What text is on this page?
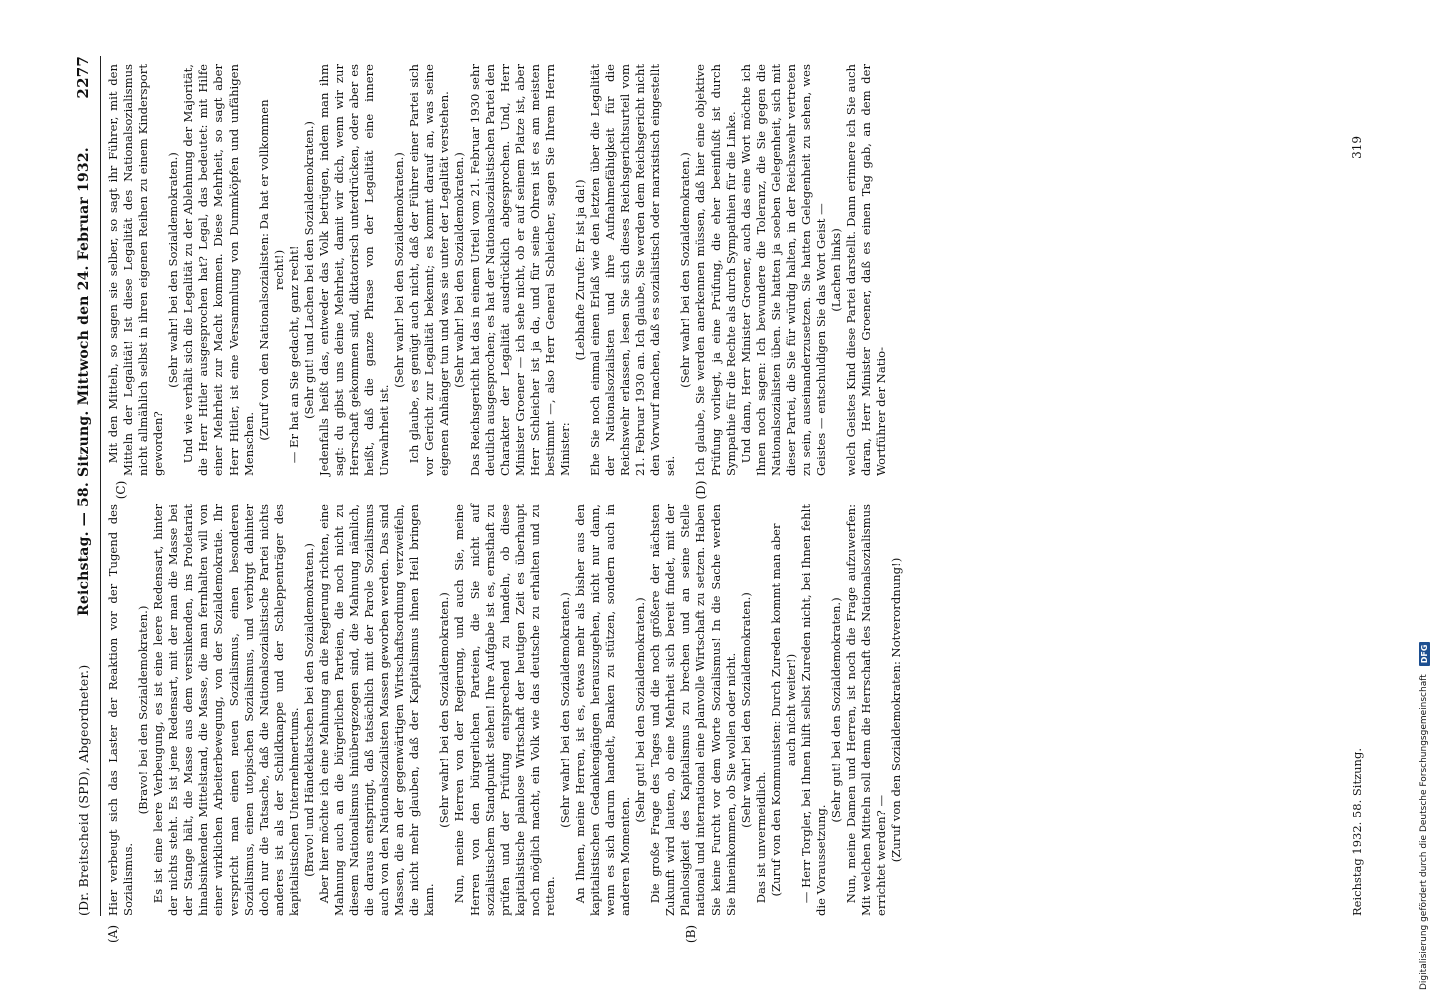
(Dr. Breitscheid (SPD), Abgeordneter.)
Reichstag. — 58. Sitzung. Mittwoch den 24. Februar 1932.
2277
(A)	(B)
(C)	(D)

Hier verbeugt sich das Laster der Reaktion vor der Tugend des Sozialismus.

(Bravo! bei den Sozialdemokraten.) Es ist eine leere Verbeugung, es ist eine leere Redensart, hinter der nichts steht. Es ist jene Redensart, mit der man die Masse bei der Stange hält, die Masse aus dem versinkenden, ins Proletariat hinabsinkenden Mittelstand, die Masse, die man fernhalten will von einer wirklichen Arbeiterbewegung, von der Sozialdemokratie. Ihr verspricht man einen neuen Sozialismus, einen besonderen Sozialismus, einen utopischen Sozialismus, und verbirgt dahinter doch nur die Tatsache, daß die Nationalsozialistische Partei nichts anderes ist als der Schildknappe und der Schleppenträger des kapitalistischen Unternehmertums. (Bravo! und Händeklatschen bei den Sozialdemokraten.) Aber hier möchte ich eine Mahnung an die Regierung richten, eine Mahnung auch an die bürgerlichen Parteien, die noch nicht zu diesem Nationalismus hinübergezogen sind, die Mahnung nämlich, die daraus entspringt, daß tatsächlich mit der Parole Sozialismus auch von den Nationalsozialisten Massen geworben werden. Das sind Massen, die an der gegenwärtigen Wirtschaftsordnung verzweifeln, die nicht mehr glauben, daß der Kapitalismus ihnen Heil bringen kann.

(Sehr wahr! bei den Sozialdemokraten.) Nun, meine Herren von der Regierung, und auch Sie, meine Herren von den bürgerlichen Parteien, die Sie nicht auf sozialistischem Standpunkt stehen! Ihre Aufgabe ist es, ernsthaft zu prüfen und der Prüfung entsprechend zu handeln, ob diese kapitalistische planlose Wirtschaft der heutigen Zeit es überhaupt noch möglich macht, ein Volk wie das deutsche zu erhalten und zu retten.

(Sehr wahr! bei den Sozialdemokraten.) An Ihnen, meine Herren, ist es, etwas mehr als bisher aus den kapitalistischen Gedankengängen herauszugehen, nicht nur dann, wenn es sich darum handelt, Banken zu stützen, sondern auch in anderen Momenten.

(Sehr gut! bei den Sozialdemokraten.) Die große Frage des Tages und die noch größere der nächsten Zukunft wird lauten, ob eine Mehrheit sich bereit findet, mit der Planlosigkeit des Kapitalismus zu brechen und an seine Stelle national und international eine planvolle Wirtschaft zu setzen. Haben Sie keine Furcht vor dem Worte Sozialismus! In die Sache werden Sie hineinkommen, ob Sie wollen oder nicht. (Sehr wahr! bei den Sozialdemokraten.)

Das ist unvermeidlich. (Zuruf von den Kommunisten: Durch Zureden kommt man aber auch nicht weiter!) — Herr Torgler, bei Ihnen hilft selbst Zureden nicht, bei Ihnen fehlt die Voraussetzung.

(Sehr gut! bei den Sozialdemokraten.) Nun, meine Damen und Herren, ist noch die Frage aufzuwerfen: Mit welchen Mitteln soll denn die Herrschaft des Nationalsozialismus errichtet werden? — (Zuruf von den Sozialdemokraten: Notverordnung!)

Mit den Mitteln, so sagen sie selber, so sagt ihr Führer, mit den Mitteln der Legalität! Ist diese Legalität des Nationalsozialismus nicht allmählich selbst in ihren eigenen Reihen zu einem Kindersport geworden?

(Sehr wahr! bei den Sozialdemokraten.) Und wie verhält sich die Legalität zu der Ablehnung der Majorität, die Herr Hitler ausgesprochen hat? Legal, das bedeutet: mit Hilfe einer Mehrheit zur Macht kommen. Diese Mehrheit, so sagt aber Herr Hitler, ist eine Versammlung von Dummköpfen und unfähigen Menschen.

(Zuruf von den Nationalsozialisten: Da hat er vollkommen recht!) — Er hat an Sie gedacht, ganz recht! (Sehr gut! und Lachen bei den Sozialdemokraten.) Jedenfalls heißt das, entweder das Volk betrügen, indem man ihm sagt: du gibst uns deine Mehrheit, damit wir dich, wenn wir zur Herrschaft gekommen sind, diktatorisch unterdrücken, oder aber es heißt, daß die ganze Phrase von der Legalität eine innere Unwahrheit ist.

(Sehr wahr! bei den Sozialdemokraten.) Ich glaube, es genügt auch nicht, daß der Führer einer Partei sich vor Gericht zur Legalität bekennt; es kommt darauf an, was seine eigenen Anhänger tun und was sie unter der Legalität verstehen. (Sehr wahr! bei den Sozialdemokraten.) Das Reichsgericht hat das in einem Urteil vom 21. Februar 1930 sehr deutlich ausgesprochen; es hat der Nationalsozialistischen Partei den Charakter der Legalität ausdrücklich abgesprochen. Und, Herr Minister Groener — ich sehe nicht, ob er auf seinem Platze ist, aber Herr Schleicher ist ja da, und für seine Ohren ist es am meisten bestimmt —, also Herr General Schleicher, sagen Sie Ihrem Herrn Minister:

(Lebhafte Zurufe: Er ist ja da!) Ehe Sie noch einmal einen Erlaß wie den letzten über die Legalität der Nationalsozialisten und ihre Aufnahmefähigkeit für die Reichswehr erlassen, lesen Sie sich dieses Reichsgerichtsurteil vom 21. Februar 1930 an. Ich glaube, Sie werden dem Reichsgericht nicht den Vorwurf machen, daß es sozialistisch oder marxistisch eingestellt sei.

(Sehr wahr! bei den Sozialdemokraten.) Ich glaube, Sie werden anerkennen müssen, daß hier eine objektive Prüfung vorliegt, ja eine Prüfung, die eher beeinflußt ist durch Sympathie für die Rechte als durch Sympathien für die Linke. Und dann, Herr Minister Groener, auch das eine Wort möchte ich Ihnen noch sagen: Ich bewundere die Toleranz, die Sie gegen die Nationalsozialisten üben. Sie hatten ja soeben Gelegenheit, sich mit dieser Partei, die Sie für würdig halten, in der Reichswehr vertreten zu sein, auseinanderzusetzen. Sie hatten Gelegenheit zu sehen, wes Geistes — entschuldigen Sie das Wort Geist — (Lachen links) welch Geistes Kind diese Partei darstellt. Dann erinnere ich Sie auch daran, Herr Minister Groener, daß es einen Tag gab, an dem der Wortführer der Natio-

Reichstag 1932. 58. Sitzung.
319
Digitalisierung gefördert durch die Deutsche Forschungsgemeinschaft
DFG
